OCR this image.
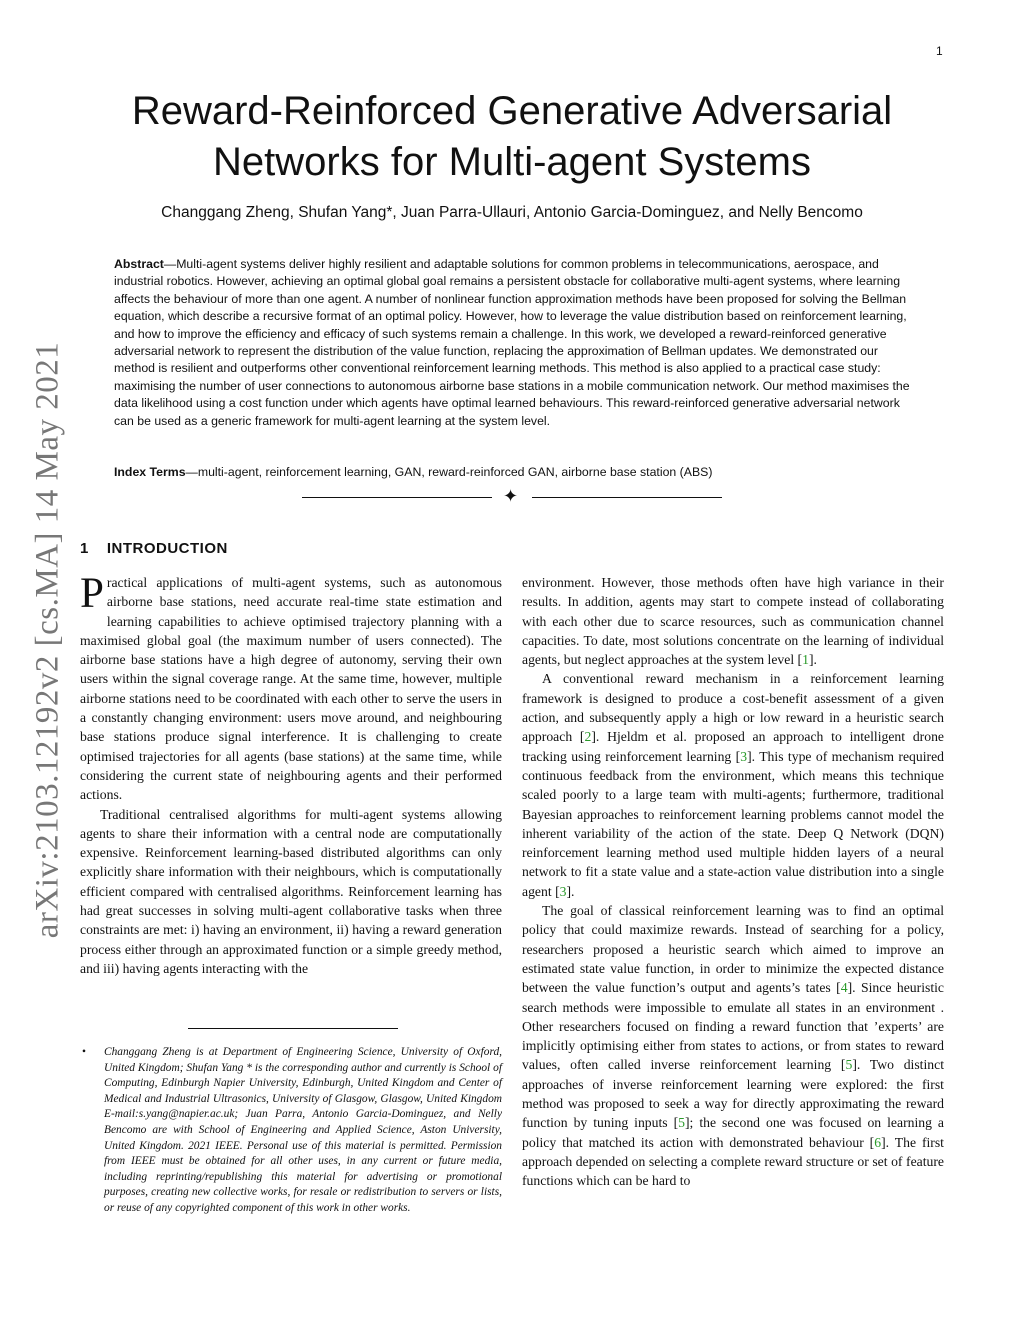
1
arXiv:2103.12192v2 [cs.MA] 14 May 2021
Reward-Reinforced Generative Adversarial
Networks for Multi-agent Systems
Changgang Zheng, Shufan Yang*, Juan Parra-Ullauri, Antonio Garcia-Dominguez, and Nelly Bencomo

Abstract—Multi-agent systems deliver highly resilient and adaptable solutions for common problems in telecommunications, aerospace, and industrial robotics. However, achieving an optimal global goal remains a persistent obstacle for collaborative multi-agent systems, where learning affects the behaviour of more than one agent. A number of nonlinear function approximation methods have been proposed for solving the Bellman equation, which describe a recursive format of an optimal policy. However, how to leverage the value distribution based on reinforcement learning, and how to improve the efficiency and efficacy of such systems remain a challenge. In this work, we developed a reward-reinforced generative adversarial network to represent the distribution of the value function, replacing the approximation of Bellman updates. We demonstrated our method is resilient and outperforms other conventional reinforcement learning methods. This method is also applied to a practical case study: maximising the number of user connections to autonomous airborne base stations in a mobile communication network. Our method maximises the data likelihood using a cost function under which agents have optimal learned behaviours. This reward-reinforced generative adversarial network can be used as a generic framework for multi-agent learning at the system level.

Index Terms—multi-agent, reinforcement learning, GAN, reward-reinforced GAN, airborne base station (ABS)

✦
1 INTRODUCTION

Practical applications of multi-agent systems, such as autonomous airborne base stations, need accurate real-time state estimation and learning capabilities to achieve optimised trajectory planning with a maximised global goal (the maximum number of users connected). The airborne base stations have a high degree of autonomy, serving their own users within the signal coverage range. At the same time, however, multiple airborne stations need to be coordinated with each other to serve the users in a constantly changing environment: users move around, and neighbouring base stations produce signal interference. It is challenging to create optimised trajectories for all agents (base stations) at the same time, while considering the current state of neighbouring agents and their performed actions.

Traditional centralised algorithms for multi-agent systems allowing agents to share their information with a central node are computationally expensive. Reinforcement learning-based distributed algorithms can only explicitly share information with their neighbours, which is computationally efficient compared with centralised algorithms. Reinforcement learning has had great successes in solving multi-agent collaborative tasks when three constraints are met: i) having an environment, ii) having a reward generation process either through an approximated function or a simple greedy method, and iii) having agents interacting with the

• Changgang Zheng is at Department of Engineering Science, University of Oxford, United Kingdom; Shufan Yang * is the corresponding author and currently is School of Computing, Edinburgh Napier University, Edinburgh, United Kingdom and Center of Medical and Industrial Ultrasonics, University of Glasgow, Glasgow, United Kingdom E-mail:s.yang@napier.ac.uk; Juan Parra, Antonio Garcia-Dominguez, and Nelly Bencomo are with School of Engineering and Applied Science, Aston University, United Kingdom. 2021 IEEE. Personal use of this material is permitted. Permission from IEEE must be obtained for all other uses, in any current or future media, including reprinting/republishing this material for advertising or promotional purposes, creating new collective works, for resale or redistribution to servers or lists, or reuse of any copyrighted component of this work in other works.

environment. However, those methods often have high variance in their results. In addition, agents may start to compete instead of collaborating with each other due to scarce resources, such as communication channel capacities. To date, most solutions concentrate on the learning of individual agents, but neglect approaches at the system level [1].

A conventional reward mechanism in a reinforcement learning framework is designed to produce a cost-benefit assessment of a given action, and subsequently apply a high or low reward in a heuristic search approach [2]. Hjeldm et al. proposed an approach to intelligent drone tracking using reinforcement learning [3]. This type of mechanism required continuous feedback from the environment, which means this technique scaled poorly to a large team with multi-agents; furthermore, traditional Bayesian approaches to reinforcement learning problems cannot model the inherent variability of the action of the state. Deep Q Network (DQN) reinforcement learning method used multiple hidden layers of a neural network to fit a state value and a state-action value distribution into a single agent [3].

The goal of classical reinforcement learning was to find an optimal policy that could maximize rewards. Instead of searching for a policy, researchers proposed a heuristic search which aimed to improve an estimated state value function, in order to minimize the expected distance between the value function’s output and agents’s tates [4]. Since heuristic search methods were impossible to emulate all states in an environment . Other researchers focused on finding a reward function that ’experts’ are implicitly optimising either from states to actions, or from states to reward values, often called inverse reinforcement learning [5]. Two distinct approaches of inverse reinforcement learning were explored: the first method was proposed to seek a way for directly approximating the reward function by tuning inputs [5]; the second one was focused on learning a policy that matched its action with demonstrated behaviour [6]. The first approach depended on selecting a complete reward structure or set of feature functions which can be hard to
